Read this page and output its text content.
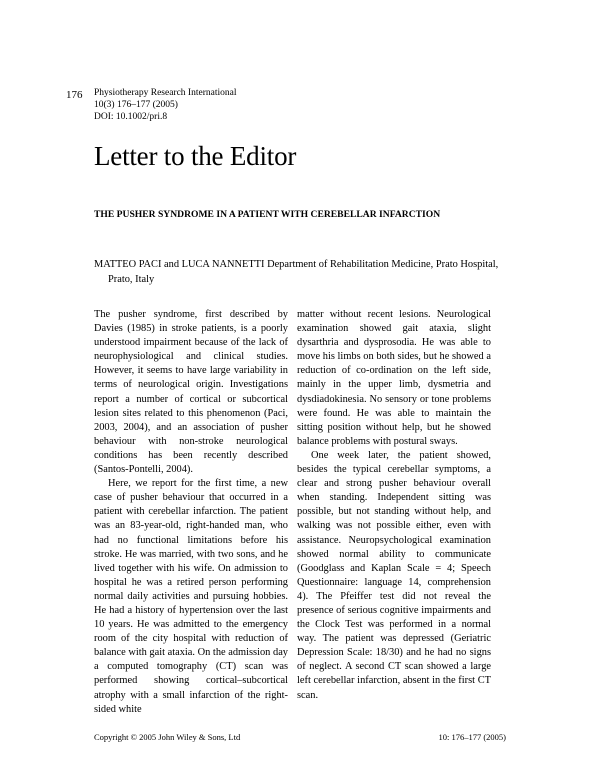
176 Physiotherapy Research International
10(3) 176–177 (2005)
DOI: 10.1002/pri.8
Letter to the Editor
THE PUSHER SYNDROME IN A PATIENT WITH CEREBELLAR INFARCTION
MATTEO PACI and LUCA NANNETTI Department of Rehabilitation Medicine, Prato Hospital, Prato, Italy

The pusher syndrome, first described by Davies (1985) in stroke patients, is a poorly understood impairment because of the lack of neurophysiological and clinical studies. However, it seems to have large variability in terms of neurological origin. Investigations report a number of cortical or subcortical lesion sites related to this phenomenon (Paci, 2003, 2004), and an association of pusher behaviour with non-stroke neurological conditions has been recently described (Santos-Pontelli, 2004).

Here, we report for the first time, a new case of pusher behaviour that occurred in a patient with cerebellar infarction. The patient was an 83-year-old, right-handed man, who had no functional limitations before his stroke. He was married, with two sons, and he lived together with his wife. On admission to hospital he was a retired person performing normal daily activities and pursuing hobbies. He had a history of hypertension over the last 10 years. He was admitted to the emergency room of the city hospital with reduction of balance with gait ataxia. On the admission day a computed tomography (CT) scan was performed showing cortical–subcortical atrophy with a small infarction of the right-sided white

matter without recent lesions. Neurological examination showed gait ataxia, slight dysarthria and dysprosodia. He was able to move his limbs on both sides, but he showed a reduction of co-ordination on the left side, mainly in the upper limb, dysmetria and dysdiadokinesia. No sensory or tone problems were found. He was able to maintain the sitting position without help, but he showed balance problems with postural sways.

One week later, the patient showed, besides the typical cerebellar symptoms, a clear and strong pusher behaviour overall when standing. Independent sitting was possible, but not standing without help, and walking was not possible either, even with assistance. Neuropsychological examination showed normal ability to communicate (Goodglass and Kaplan Scale = 4; Speech Questionnaire: language 14, comprehension 4). The Pfeiffer test did not reveal the presence of serious cognitive impairments and the Clock Test was performed in a normal way. The patient was depressed (Geriatric Depression Scale: 18/30) and he had no signs of neglect. A second CT scan showed a large left cerebellar infarction, absent in the first CT scan.

Copyright © 2005 John Wiley & Sons, Ltd	10: 176–177 (2005)
